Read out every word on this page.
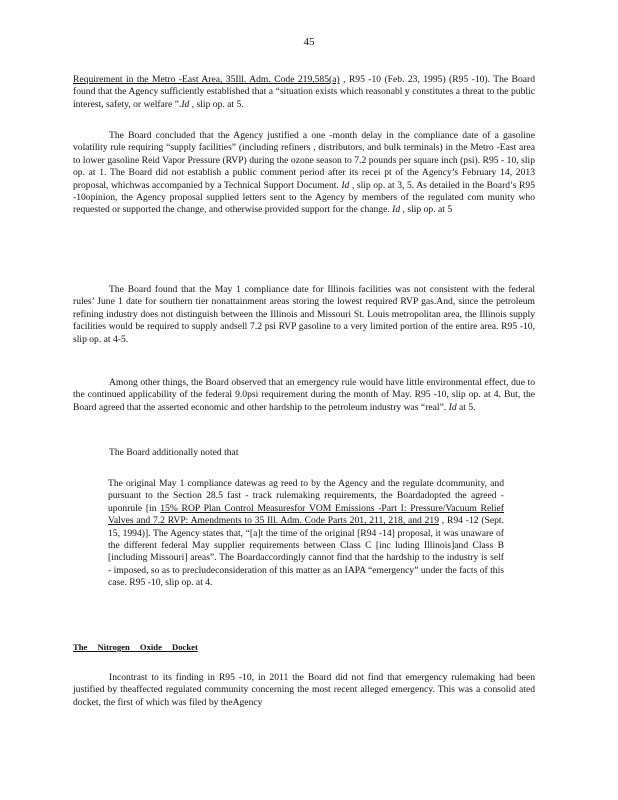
45

Requirement in the Metro -East Area, 35Ill. Adm. Code 219.585(a) , R95 -10 (Feb. 23, 1995) (R95 -10). The Board found that the Agency sufficiently established that a “situation exists which reasonabl y constitutes a threat to the public interest, safety, or welfare ”.Id , slip op. at 5.

The Board concluded that the Agency justified a one -month delay in the compliance date of a gasoline volatility rule requiring “supply facilities” (including refiners , distributors, and bulk terminals) in the Metro -East area to lower gasoline Reid Vapor Pressure (RVP) during the ozone season to 7.2 pounds per square inch (psi). R95 - 10, slip op. at 1. The Board did not establish a public comment period after its recei pt of the Agency’s February 14, 2013 proposal, whichwas accompanied by a Technical Support Document. Id , slip op. at 3, 5. As detailed in the Board’s R95 -10opinion, the Agency proposal supplied letters sent to the Agency by members of the regulated com munity who requested or supported the change, and otherwise provided support for the change. Id , slip op. at 5

The Board found that the May 1 compliance date for Illinois facilities was not consistent with the federal rules’ June 1 date for southern tier nonattainment areas storing the lowest required RVP gas.And, since the petroleum refining industry does not distinguish between the Illinois and Missouri St. Louis metropolitan area, the Illinois supply facilities would be required to supply andsell 7.2 psi RVP gasoline to a very limited portion of the entire area. R95 -10, slip op. at 4-5.

Among other things, the Board observed that an emergency rule would have little environmental effect, due to the continued applicability of the federal 9.0psi requirement during the month of May. R95 -10, slip op. at 4. But, the Board agreed that the asserted economic and other hardship to the petroleum industry was “real”. Id at 5.

The Board additionally noted that

The original May 1 compliance datewas ag reed to by the Agency and the regulate dcommunity, and pursuant to the Section 28.5 fast - track rulemaking requirements, the Boardadopted the agreed - uponrule [in 15% ROP Plan Control Measuresfor VOM Emissions -Part I: Pressure/Vacuum Relief Valves and 7.2 RVP: Amendments to 35 Ill. Adm. Code Parts 201, 211, 218, and 219 , R94 -12 (Sept. 15, 1994)]. The Agency states that, “[a]t the time of the original [R94 -14] proposal, it was unaware of the different federal May supplier requirements between Class C [inc luding Illinois]and Class B [including Missouri] areas”. The Boardaccordingly cannot find that the hardship to the industry is self - imposed, so as to precludeconsideration of this matter as an IAPA “emergency” under the facts of this case. R95 -10, slip op. at 4.

The Nitrogen Oxide Docket

Incontrast to its finding in R95 -10, in 2011 the Board did not find that emergency rulemaking had been justified by theaffected regulated community concerning the most recent alleged emergency. This was a consolid ated docket, the first of which was filed by theAgency
